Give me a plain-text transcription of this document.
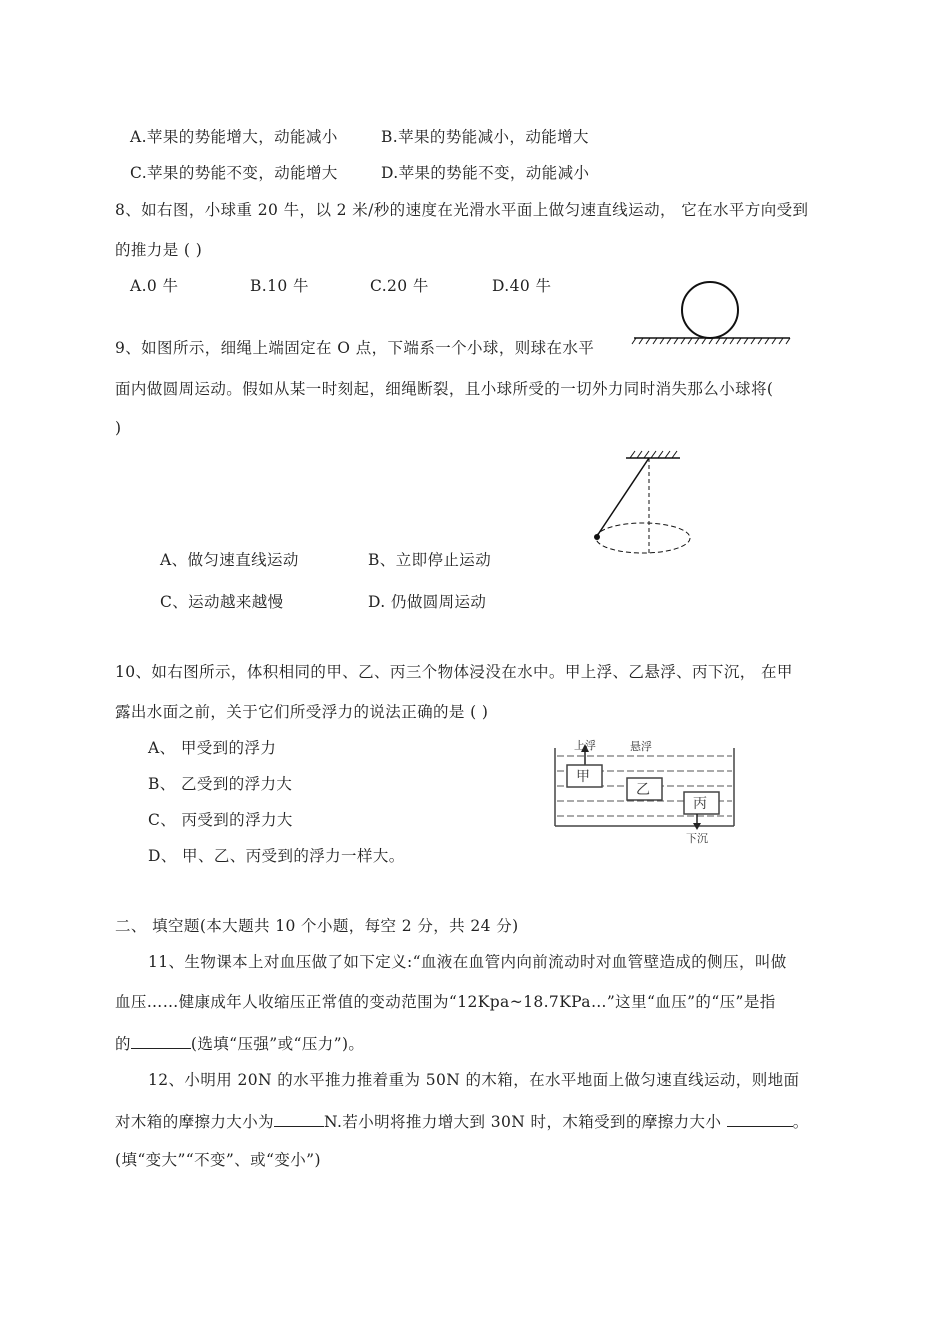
A.苹果的势能增大，动能减小	B.苹果的势能减小，动能增大
C.苹果的势能不变，动能增大	D.苹果的势能不变，动能减小
8、如右图，小球重 20 牛，以 2 米/秒的速度在光滑水平面上做匀速直线运动， 它在水平方向受到
的推力是 ( )
A.0 牛	B.10 牛	C.20 牛	D.40 牛
9、如图所示，细绳上端固定在 O 点，下端系一个小球，则球在水平
面内做圆周运动。假如从某一时刻起，细绳断裂，且小球所受的一切外力同时消失那么小球将(
)
A、做匀速直线运动	B、立即停止运动
C、运动越来越慢	D. 仍做圆周运动
10、如右图所示，体积相同的甲、乙、丙三个物体浸没在水中。甲上浮、乙悬浮、丙下沉， 在甲
露出水面之前，关于它们所受浮力的说法正确的是 ( )
A、 甲受到的浮力
B、 乙受到的浮力大
C、 丙受到的浮力大
D、 甲、乙、丙受到的浮力一样大。
上浮
甲
悬浮
乙
丙
下沉
二、 填空题(本大题共 10 个小题，每空 2 分，共 24 分)
11、生物课本上对血压做了如下定义:“血液在血管内向前流动时对血管壁造成的侧压，叫做
血压……健康成年人收缩压正常值的变动范围为“12Kpa~18.7KPa…”这里“血压”的“压”是指
的	(选填“压强”或“压力”)。
12、小明用 20N 的水平推力推着重为 50N 的木箱，在水平地面上做匀速直线运动，则地面
对木箱的摩擦力大小为	N.若小明将推力增大到 30N 时，木箱受到的摩擦力大小	。
(填“变大”“不变”、或“变小”)
